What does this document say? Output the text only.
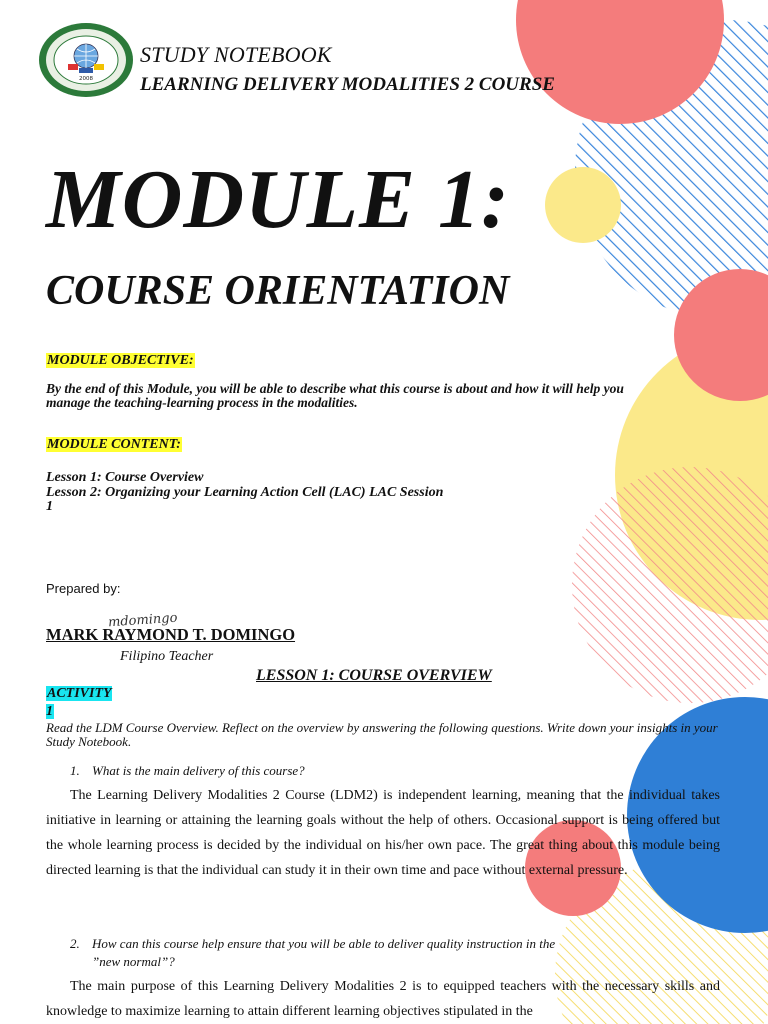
2008
STUDY NOTEBOOK
LEARNING DELIVERY MODALITIES 2 COURSE
MODULE 1:
COURSE ORIENTATION
MODULE OBJECTIVE:
By the end of this Module, you will be able to describe what this course is about and how it will help you manage the teaching-learning process in the modalities.
MODULE CONTENT:
Lesson 1: Course Overview
Lesson 2: Organizing your Learning Action Cell (LAC) LAC Session 1
Prepared by:
mdomingo
MARK RAYMOND T. DOMINGO
Filipino Teacher
LESSON 1: COURSE OVERVIEW
ACTIVITY 1
Read the LDM Course Overview. Reflect on the overview by answering the following questions. Write down your insights in your Study Notebook.
1. What is the main delivery of this course?
The Learning Delivery Modalities 2 Course (LDM2) is independent learning, meaning that the individual takes initiative in learning or attaining the learning goals without the help of others. Occasional support is being offered but the whole learning process is decided by the individual on his/her own pace. The great thing about this module being directed learning is that the individual can study it in their own time and pace without external pressure.
2. How can this course help ensure that you will be able to deliver quality instruction in the
”new normal”?
The main purpose of this Learning Delivery Modalities 2 is to equipped teachers with the necessary skills and knowledge to maximize learning to attain different learning objectives stipulated in the
